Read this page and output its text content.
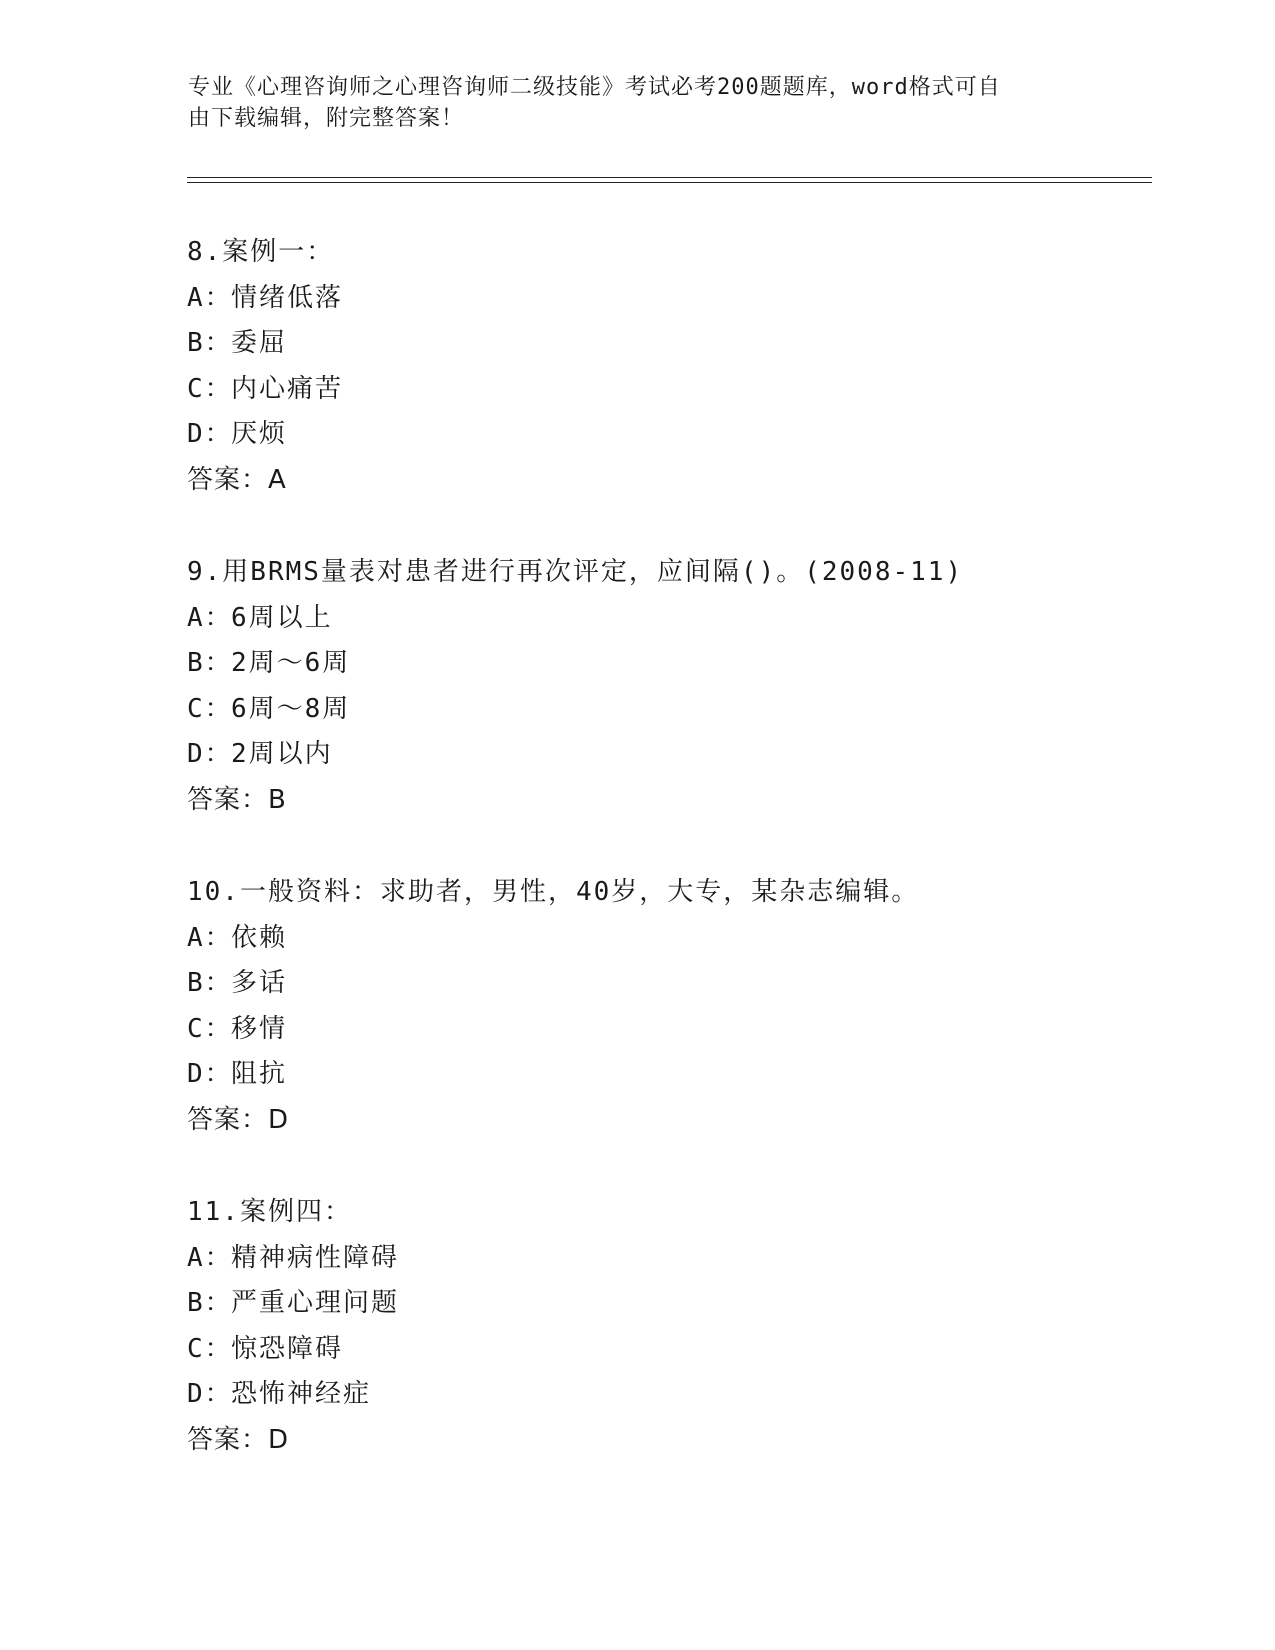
专业《心理咨询师之心理咨询师二级技能》考试必考200题题库，word格式可自
由下载编辑，附完整答案！
8.案例一：
A：情绪低落
B：委屈
C：内心痛苦
D：厌烦
答案：A
9.用BRMS量表对患者进行再次评定，应间隔()。(2008-11)
A：6周以上
B：2周～6周
C：6周～8周
D：2周以内
答案：B
10.一般资料：求助者，男性，40岁，大专，某杂志编辑。
A：依赖
B：多话
C：移情
D：阻抗
答案：D
11.案例四：
A：精神病性障碍
B：严重心理问题
C：惊恐障碍
D：恐怖神经症
答案：D
